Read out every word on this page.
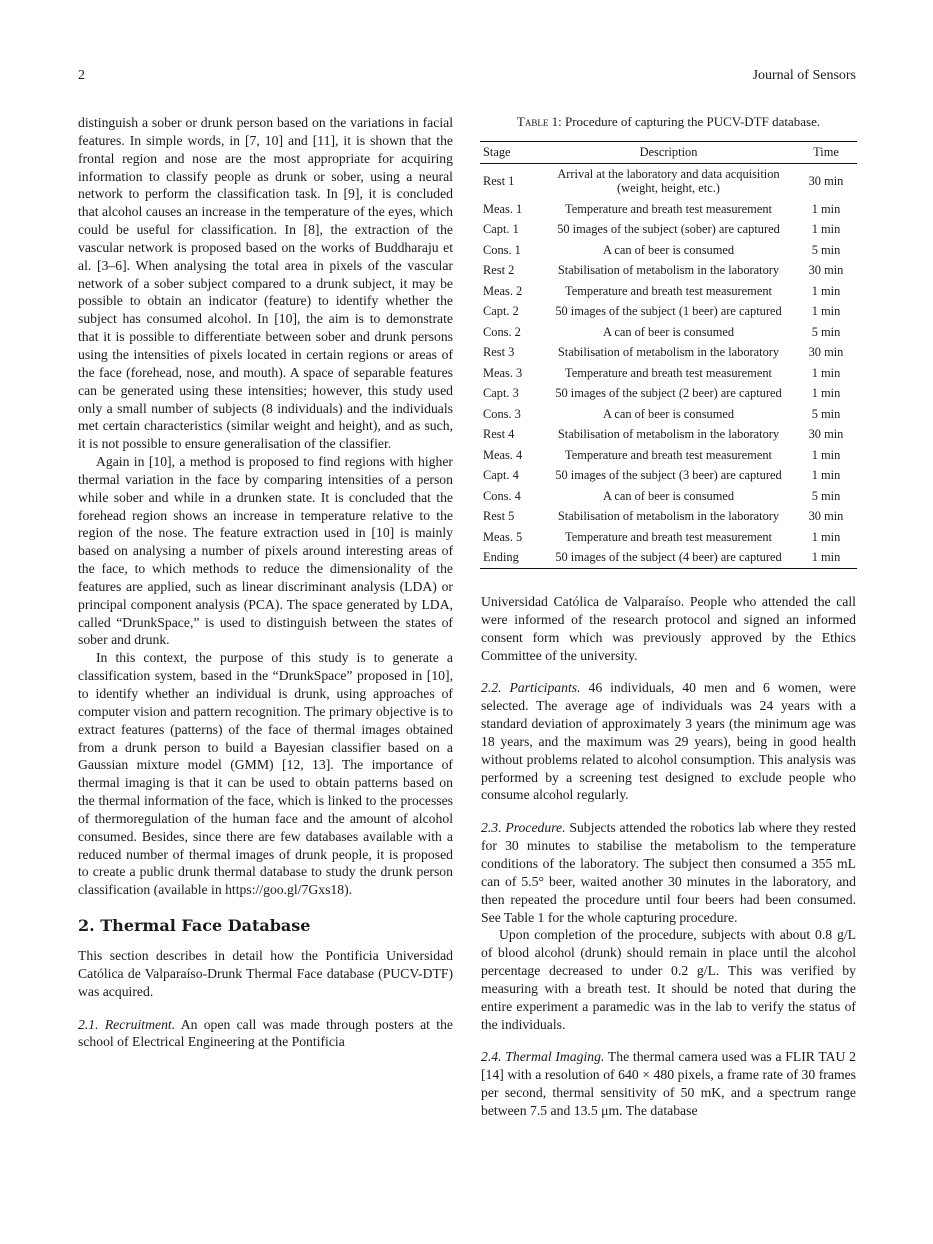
2	Journal of Sensors

distinguish a sober or drunk person based on the variations in facial features. In simple words, in [7, 10] and [11], it is shown that the frontal region and nose are the most appropriate for acquiring information to classify people as drunk or sober, using a neural network to perform the classification task. In [9], it is concluded that alcohol causes an increase in the temperature of the eyes, which could be useful for classification. In [8], the extraction of the vascular network is proposed based on the works of Buddharaju et al. [3–6]. When analysing the total area in pixels of the vascular network of a sober subject compared to a drunk subject, it may be possible to obtain an indicator (feature) to identify whether the subject has consumed alcohol. In [10], the aim is to demonstrate that it is possible to differentiate between sober and drunk persons using the intensities of pixels located in certain regions or areas of the face (forehead, nose, and mouth). A space of separable features can be generated using these intensities; however, this study used only a small number of subjects (8 individuals) and the individuals met certain characteristics (similar weight and height), and as such, it is not possible to ensure generalisation of the classifier.

Again in [10], a method is proposed to find regions with higher thermal variation in the face by comparing intensities of a person while sober and while in a drunken state. It is concluded that the forehead region shows an increase in temperature relative to the region of the nose. The feature extraction used in [10] is mainly based on analysing a number of pixels around interesting areas of the face, to which methods to reduce the dimensionality of the features are applied, such as linear discriminant analysis (LDA) or principal component analysis (PCA). The space generated by LDA, called “DrunkSpace,” is used to distinguish between the states of sober and drunk.

In this context, the purpose of this study is to generate a classification system, based in the “DrunkSpace” proposed in [10], to identify whether an individual is drunk, using approaches of computer vision and pattern recognition. The primary objective is to extract features (patterns) of the face of thermal images obtained from a drunk person to build a Bayesian classifier based on a Gaussian mixture model (GMM) [12, 13]. The importance of thermal imaging is that it can be used to obtain patterns based on the thermal information of the face, which is linked to the processes of thermoregulation of the human face and the amount of alcohol consumed. Besides, since there are few databases available with a reduced number of thermal images of drunk people, it is proposed to create a public drunk thermal database to study the drunk person classification (available in https://goo.gl/7Gxs18).

2. Thermal Face Database

This section describes in detail how the Pontificia Universidad Católica de Valparaíso-Drunk Thermal Face database (PUCV-DTF) was acquired.

2.1. Recruitment. An open call was made through posters at the school of Electrical Engineering at the Pontificia

Table 1: Procedure of capturing the PUCV-DTF database.
Stage	Description	Time
Rest 1	Arrival at the laboratory and data acquisition (weight, height, etc.)	30 min
Meas. 1	Temperature and breath test measurement	1 min
Capt. 1	50 images of the subject (sober) are captured	1 min
Cons. 1	A can of beer is consumed	5 min
Rest 2	Stabilisation of metabolism in the laboratory	30 min
Meas. 2	Temperature and breath test measurement	1 min
Capt. 2	50 images of the subject (1 beer) are captured	1 min
Cons. 2	A can of beer is consumed	5 min
Rest 3	Stabilisation of metabolism in the laboratory	30 min
Meas. 3	Temperature and breath test measurement	1 min
Capt. 3	50 images of the subject (2 beer) are captured	1 min
Cons. 3	A can of beer is consumed	5 min
Rest 4	Stabilisation of metabolism in the laboratory	30 min
Meas. 4	Temperature and breath test measurement	1 min
Capt. 4	50 images of the subject (3 beer) are captured	1 min
Cons. 4	A can of beer is consumed	5 min
Rest 5	Stabilisation of metabolism in the laboratory	30 min
Meas. 5	Temperature and breath test measurement	1 min
Ending	50 images of the subject (4 beer) are captured	1 min

Universidad Católica de Valparaíso. People who attended the call were informed of the research protocol and signed an informed consent form which was previously approved by the Ethics Committee of the university.

2.2. Participants. 46 individuals, 40 men and 6 women, were selected. The average age of individuals was 24 years with a standard deviation of approximately 3 years (the minimum age was 18 years, and the maximum was 29 years), being in good health without problems related to alcohol consumption. This analysis was performed by a screening test designed to exclude people who consume alcohol regularly.

2.3. Procedure. Subjects attended the robotics lab where they rested for 30 minutes to stabilise the metabolism to the temperature conditions of the laboratory. The subject then consumed a 355 mL can of 5.5° beer, waited another 30 minutes in the laboratory, and then repeated the procedure until four beers had been consumed. See Table 1 for the whole capturing procedure.

Upon completion of the procedure, subjects with about 0.8 g/L of blood alcohol (drunk) should remain in place until the alcohol percentage decreased to under 0.2 g/L. This was verified by measuring with a breath test. It should be noted that during the entire experiment a paramedic was in the lab to verify the status of the individuals.

2.4. Thermal Imaging. The thermal camera used was a FLIR TAU 2 [14] with a resolution of 640 × 480 pixels, a frame rate of 30 frames per second, thermal sensitivity of 50 mK, and a spectrum range between 7.5 and 13.5 μm. The database
